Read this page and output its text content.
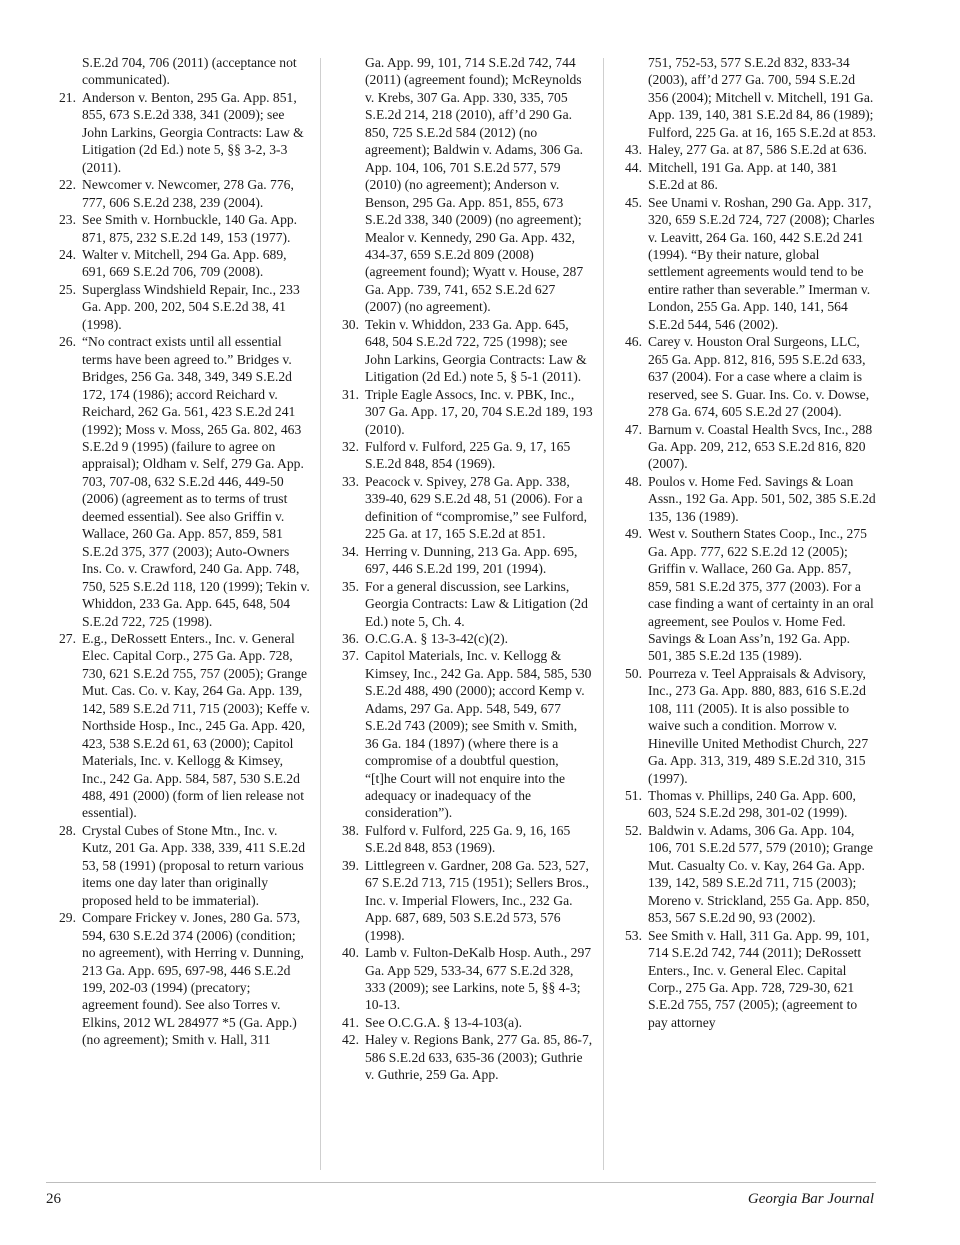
S.E.2d 704, 706 (2011) (acceptance not communicated).

21. Anderson v. Benton, 295 Ga. App. 851, 855, 673 S.E.2d 338, 341 (2009); see John Larkins, Georgia Contracts: Law & Litigation (2d Ed.) note 5, §§ 3-2, 3-3 (2011).

22. Newcomer v. Newcomer, 278 Ga. 776, 777, 606 S.E.2d 238, 239 (2004).

23. See Smith v. Hornbuckle, 140 Ga. App. 871, 875, 232 S.E.2d 149, 153 (1977).

24. Walter v. Mitchell, 294 Ga. App. 689, 691, 669 S.E.2d 706, 709 (2008).

25. Superglass Windshield Repair, Inc., 233 Ga. App. 200, 202, 504 S.E.2d 38, 41 (1998).

26. “No contract exists until all essential terms have been agreed to.” Bridges v. Bridges, 256 Ga. 348, 349, 349 S.E.2d 172, 174 (1986); accord Reichard v. Reichard, 262 Ga. 561, 423 S.E.2d 241 (1992); Moss v. Moss, 265 Ga. 802, 463 S.E.2d 9 (1995) (failure to agree on appraisal); Oldham v. Self, 279 Ga. App. 703, 707-08, 632 S.E.2d 446, 449-50 (2006) (agreement as to terms of trust deemed essential). See also Griffin v. Wallace, 260 Ga. App. 857, 859, 581 S.E.2d 375, 377 (2003); Auto-Owners Ins. Co. v. Crawford, 240 Ga. App. 748, 750, 525 S.E.2d 118, 120 (1999); Tekin v. Whiddon, 233 Ga. App. 645, 648, 504 S.E.2d 722, 725 (1998).

27. E.g., DeRossett Enters., Inc. v. General Elec. Capital Corp., 275 Ga. App. 728, 730, 621 S.E.2d 755, 757 (2005); Grange Mut. Cas. Co. v. Kay, 264 Ga. App. 139, 142, 589 S.E.2d 711, 715 (2003); Keffe v. Northside Hosp., Inc., 245 Ga. App. 420, 423, 538 S.E.2d 61, 63 (2000); Capitol Materials, Inc. v. Kellogg & Kimsey, Inc., 242 Ga. App. 584, 587, 530 S.E.2d 488, 491 (2000) (form of lien release not essential).

28. Crystal Cubes of Stone Mtn., Inc. v. Kutz, 201 Ga. App. 338, 339, 411 S.E.2d 53, 58 (1991) (proposal to return various items one day later than originally proposed held to be immaterial).

29. Compare Frickey v. Jones, 280 Ga. 573, 594, 630 S.E.2d 374 (2006) (condition; no agreement), with Herring v. Dunning, 213 Ga. App. 695, 697-98, 446 S.E.2d 199, 202-03 (1994) (precatory; agreement found). See also Torres v. Elkins, 2012 WL 284977 *5 (Ga. App.) (no agreement); Smith v. Hall, 311

Ga. App. 99, 101, 714 S.E.2d 742, 744 (2011) (agreement found); McReynolds v. Krebs, 307 Ga. App. 330, 335, 705 S.E.2d 214, 218 (2010), aff’d 290 Ga. 850, 725 S.E.2d 584 (2012) (no agreement); Baldwin v. Adams, 306 Ga. App. 104, 106, 701 S.E.2d 577, 579 (2010) (no agreement); Anderson v. Benson, 295 Ga. App. 851, 855, 673 S.E.2d 338, 340 (2009) (no agreement); Mealor v. Kennedy, 290 Ga. App. 432, 434-37, 659 S.E.2d 809 (2008) (agreement found); Wyatt v. House, 287 Ga. App. 739, 741, 652 S.E.2d 627 (2007) (no agreement).

30. Tekin v. Whiddon, 233 Ga. App. 645, 648, 504 S.E.2d 722, 725 (1998); see John Larkins, Georgia Contracts: Law & Litigation (2d Ed.) note 5, § 5-1 (2011).

31. Triple Eagle Assocs, Inc. v. PBK, Inc., 307 Ga. App. 17, 20, 704 S.E.2d 189, 193 (2010).

32. Fulford v. Fulford, 225 Ga. 9, 17, 165 S.E.2d 848, 854 (1969).

33. Peacock v. Spivey, 278 Ga. App. 338, 339-40, 629 S.E.2d 48, 51 (2006). For a definition of “compromise,” see Fulford, 225 Ga. at 17, 165 S.E.2d at 851.

34. Herring v. Dunning, 213 Ga. App. 695, 697, 446 S.E.2d 199, 201 (1994).

35. For a general discussion, see Larkins, Georgia Contracts: Law & Litigation (2d Ed.) note 5, Ch. 4.

36. O.C.G.A. § 13-3-42(c)(2).

37. Capitol Materials, Inc. v. Kellogg & Kimsey, Inc., 242 Ga. App. 584, 585, 530 S.E.2d 488, 490 (2000); accord Kemp v. Adams, 297 Ga. App. 548, 549, 677 S.E.2d 743 (2009); see Smith v. Smith, 36 Ga. 184 (1897) (where there is a compromise of a doubtful question, “[t]he Court will not enquire into the adequacy or inadequacy of the consideration”).

38. Fulford v. Fulford, 225 Ga. 9, 16, 165 S.E.2d 848, 853 (1969).

39. Littlegreen v. Gardner, 208 Ga. 523, 527, 67 S.E.2d 713, 715 (1951); Sellers Bros., Inc. v. Imperial Flowers, Inc., 232 Ga. App. 687, 689, 503 S.E.2d 573, 576 (1998).

40. Lamb v. Fulton-DeKalb Hosp. Auth., 297 Ga. App 529, 533-34, 677 S.E.2d 328, 333 (2009); see Larkins, note 5, §§ 4-3; 10-13.

41. See O.C.G.A. § 13-4-103(a).

42. Haley v. Regions Bank, 277 Ga. 85, 86-7, 586 S.E.2d 633, 635-36 (2003); Guthrie v. Guthrie, 259 Ga. App.

751, 752-53, 577 S.E.2d 832, 833-34 (2003), aff’d 277 Ga. 700, 594 S.E.2d 356 (2004); Mitchell v. Mitchell, 191 Ga. App. 139, 140, 381 S.E.2d 84, 86 (1989); Fulford, 225 Ga. at 16, 165 S.E.2d at 853.

43. Haley, 277 Ga. at 87, 586 S.E.2d at 636.

44. Mitchell, 191 Ga. App. at 140, 381 S.E.2d at 86.

45. See Unami v. Roshan, 290 Ga. App. 317, 320, 659 S.E.2d 724, 727 (2008); Charles v. Leavitt, 264 Ga. 160, 442 S.E.2d 241 (1994). “By their nature, global settlement agreements would tend to be entire rather than severable.” Imerman v. London, 255 Ga. App. 140, 141, 564 S.E.2d 544, 546 (2002).

46. Carey v. Houston Oral Surgeons, LLC, 265 Ga. App. 812, 816, 595 S.E.2d 633, 637 (2004). For a case where a claim is reserved, see S. Guar. Ins. Co. v. Dowse, 278 Ga. 674, 605 S.E.2d 27 (2004).

47. Barnum v. Coastal Health Svcs, Inc., 288 Ga. App. 209, 212, 653 S.E.2d 816, 820 (2007).

48. Poulos v. Home Fed. Savings & Loan Assn., 192 Ga. App. 501, 502, 385 S.E.2d 135, 136 (1989).

49. West v. Southern States Coop., Inc., 275 Ga. App. 777, 622 S.E.2d 12 (2005); Griffin v. Wallace, 260 Ga. App. 857, 859, 581 S.E.2d 375, 377 (2003). For a case finding a want of certainty in an oral agreement, see Poulos v. Home Fed. Savings & Loan Ass’n, 192 Ga. App. 501, 385 S.E.2d 135 (1989).

50. Pourreza v. Teel Appraisals & Advisory, Inc., 273 Ga. App. 880, 883, 616 S.E.2d 108, 111 (2005). It is also possible to waive such a condition. Morrow v. Hineville United Methodist Church, 227 Ga. App. 313, 319, 489 S.E.2d 310, 315 (1997).

51. Thomas v. Phillips, 240 Ga. App. 600, 603, 524 S.E.2d 298, 301-02 (1999).

52. Baldwin v. Adams, 306 Ga. App. 104, 106, 701 S.E.2d 577, 579 (2010); Grange Mut. Casualty Co. v. Kay, 264 Ga. App. 139, 142, 589 S.E.2d 711, 715 (2003); Moreno v. Strickland, 255 Ga. App. 850, 853, 567 S.E.2d 90, 93 (2002).

53. See Smith v. Hall, 311 Ga. App. 99, 101, 714 S.E.2d 742, 744 (2011); DeRossett Enters., Inc. v. General Elec. Capital Corp., 275 Ga. App. 728, 729-30, 621 S.E.2d 755, 757 (2005); (agreement to pay attorney

26	Georgia Bar Journal
